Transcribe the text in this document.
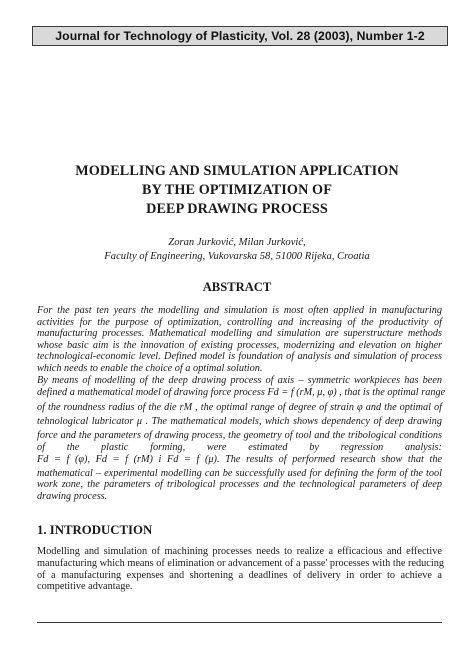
Journal for Technology of Plasticity, Vol. 28 (2003), Number 1-2
MODELLING AND SIMULATION APPLICATION
BY THE OPTIMIZATION OF
DEEP DRAWING PROCESS
Zoran Jurković, Milan Jurković,
Faculty of Engineering, Vukovarska 58, 51000 Rijeka, Croatia
ABSTRACT
For the past ten years the modelling and simulation is most often applied in manufacturing
activities for the purpose of optimization, controlling and increasing of the productivity of
manufacturing processes. Mathematical modelling and simulation are superstructure methods
whose basic aim is the innovation of existing processes, modernizing and elevation on higher
technological-economic level. Defined model is foundation of analysis and simulation of process
which needs to enable the choice of a optimal solution.
By means of modelling of the deep drawing process of axis – symmetric workpieces has been
defined a mathematical model of drawing force process Fd = f (rM, μ, φ) , that is the optimal range
of the roundness radius of the die rM , the optimal range of degree of strain φ and the optimal of
tehnological lubricator μ . The mathematical models, which shows dependency of deep drawing
force and the parameters of drawing process, the geometry of tool and the tribological conditions
of the plastic forming, were estimated by regression analysis:
Fd = f (φ), Fd = f (rM) i Fd = f (μ). The results of performed research show that the
mathematical – experimental modelling can be successfully used for defining the form of the tool
work zone, the parameters of tribological processes and the technological parameters of deep
drawing process.
1. INTRODUCTION
Modelling and simulation of machining processes needs to realize a efficacious and effective
manufacturing which means of elimination or advancement of a passe' processes with the reducing
of a manufacturing expenses and shortening a deadlines of delivery in order to achieve a
competitive advantage.
